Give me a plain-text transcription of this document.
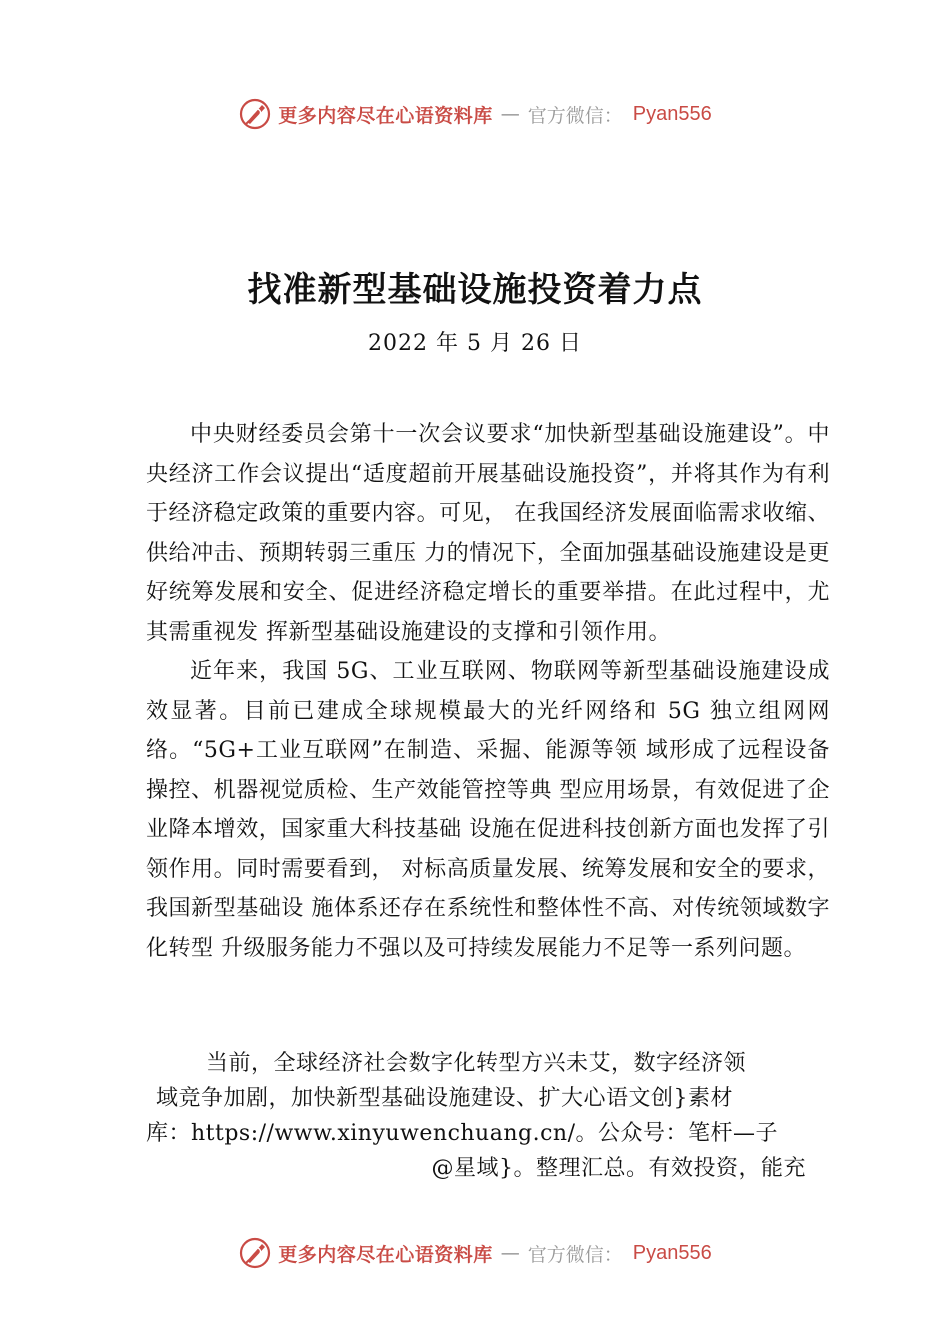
更多内容尽在心语资料库 — 官方微信： Pyan556
找准新型基础设施投资着力点
2022 年 5 月 26 日

中央财经委员会第十一次会议要求“加快新型基础设施建设”。中央经济工作会议提出“适度超前开展基础设施投资”，并将其作为有利于经济稳定政策的重要内容。可见， 在我国经济发展面临需求收缩、供给冲击、预期转弱三重压 力的情况下，全面加强基础设施建设是更好统筹发展和安全、促进经济稳定增长的重要举措。在此过程中，尤其需重视发 挥新型基础设施建设的支撑和引领作用。

近年来，我国 5G、工业互联网、物联网等新型基础设施建设成效显著。目前已建成全球规模最大的光纤网络和 5G 独立组网网络。“5G+工业互联网”在制造、采掘、能源等领 域形成了远程设备操控、机器视觉质检、生产效能管控等典 型应用场景，有效促进了企业降本增效，国家重大科技基础 设施在促进科技创新方面也发挥了引领作用。同时需要看到， 对标高质量发展、统筹发展和安全的要求，我国新型基础设 施体系还存在系统性和整体性不高、对传统领域数字化转型 升级服务能力不强以及可持续发展能力不足等一系列问题。

当前，全球经济社会数字化转型方兴未艾，数字经济领
域竞争加剧，加快新型基础设施建设、扩大心语文创}素材
库：https://www.xinyuwenchuang.cn/。公众号：笔杆—子
@星域}。整理汇总。有效投资，能充
更多内容尽在心语资料库 — 官方微信： Pyan556
